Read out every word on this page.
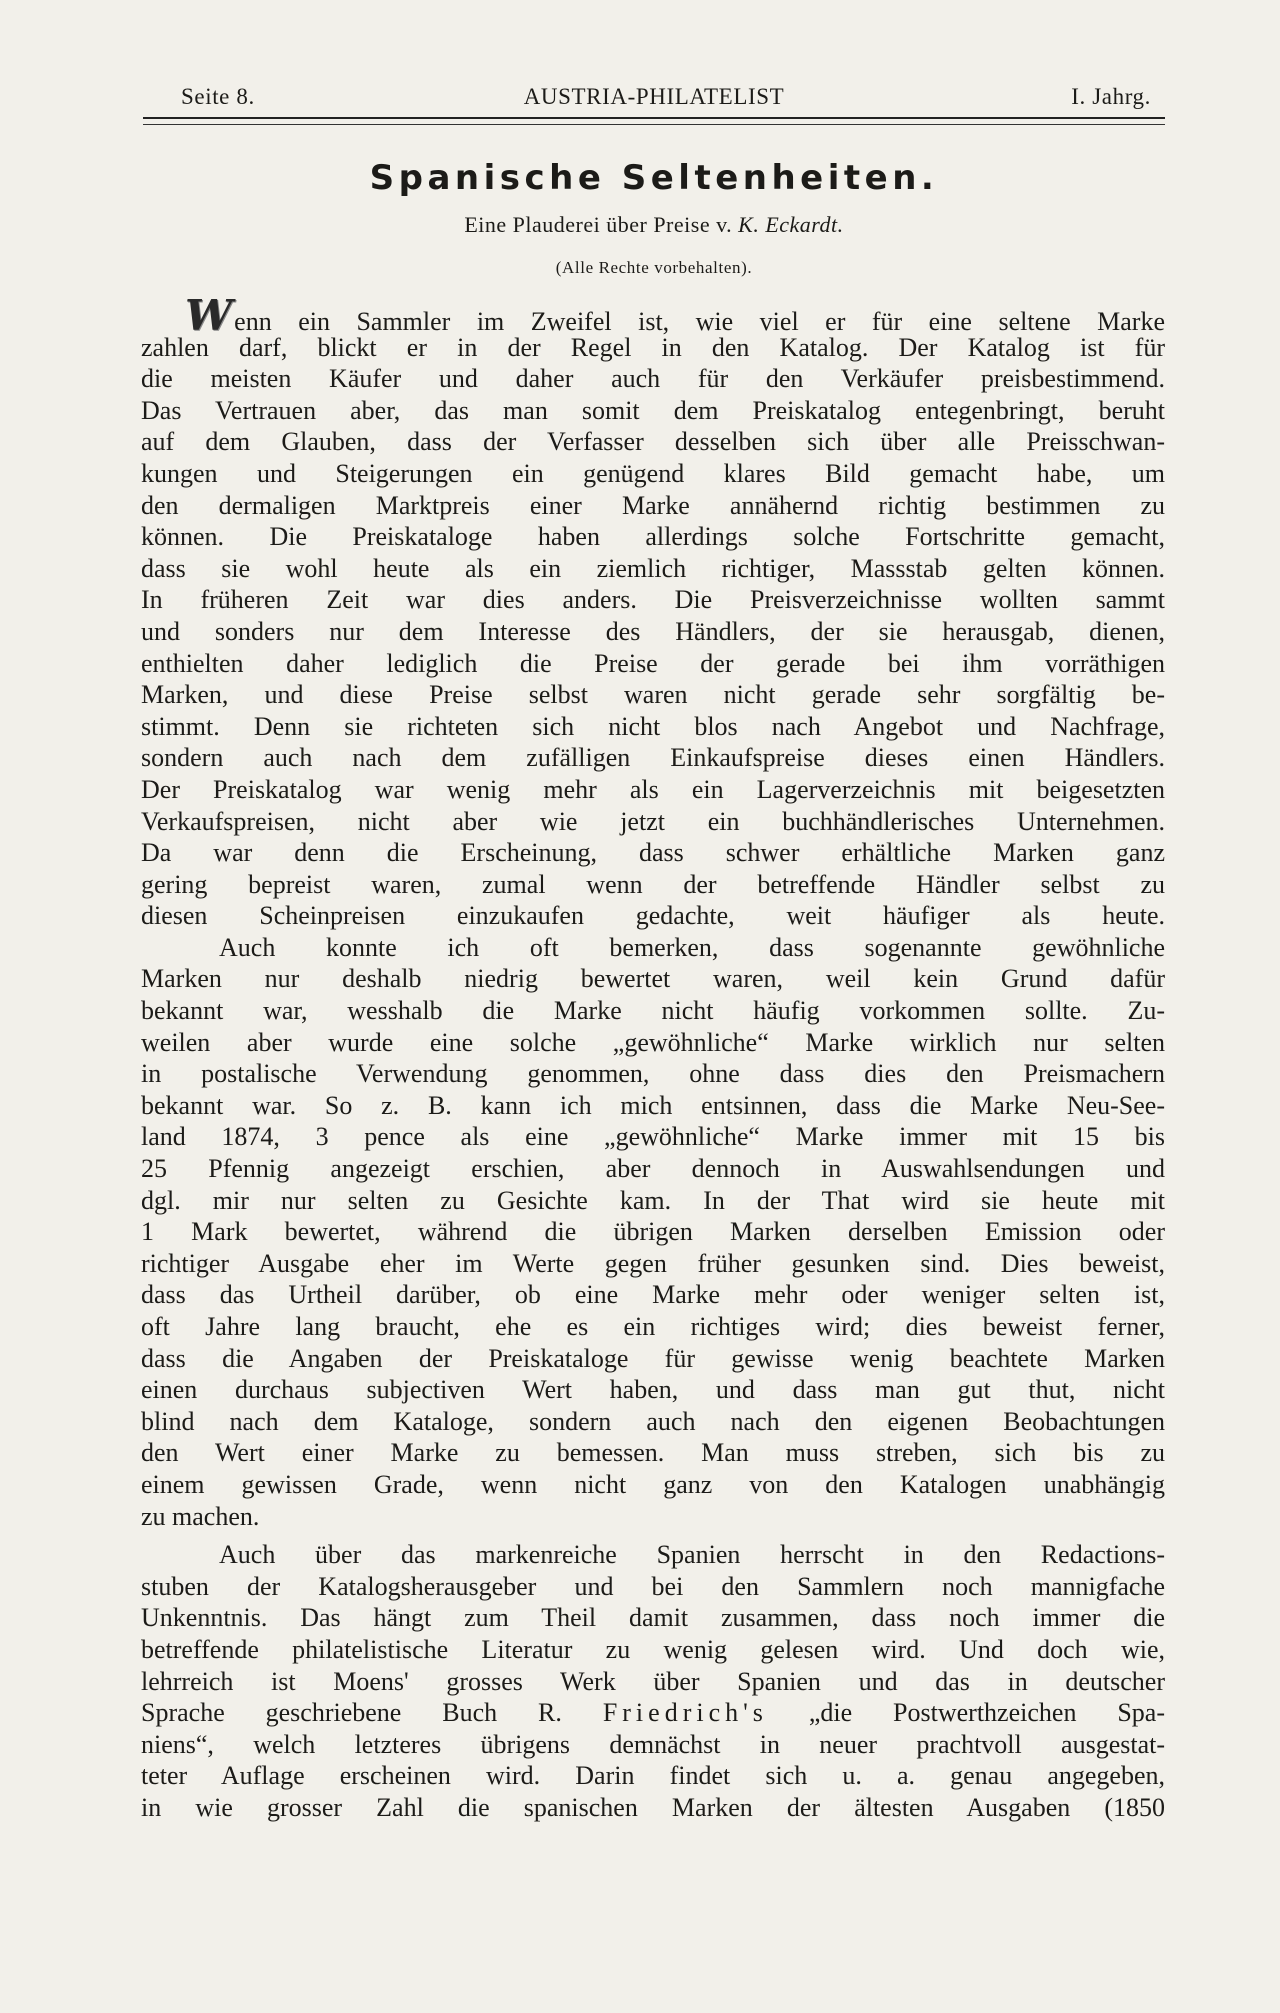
Seite 8.	AUSTRIA-PHILATELIST	I. Jahrg.
Spanische Seltenheiten.
Eine Plauderei über Preise v. K. Eckardt.
(Alle Rechte vorbehalten).
Wenn ein Sammler im Zweifel ist, wie viel er für eine seltene Marke
zahlen darf, blickt er in der Regel in den Katalog. Der Katalog ist für
die meisten Käufer und daher auch für den Verkäufer preisbestimmend.
Das Vertrauen aber, das man somit dem Preiskatalog entegenbringt, beruht
auf dem Glauben, dass der Verfasser desselben sich über alle Preisschwan-
kungen und Steigerungen ein genügend klares Bild gemacht habe, um
den dermaligen Marktpreis einer Marke annähernd richtig bestimmen zu
können. Die Preiskataloge haben allerdings solche Fortschritte gemacht,
dass sie wohl heute als ein ziemlich richtiger, Massstab gelten können.
In früheren Zeit war dies anders. Die Preisverzeichnisse wollten sammt
und sonders nur dem Interesse des Händlers, der sie herausgab, dienen,
enthielten daher lediglich die Preise der gerade bei ihm vorräthigen
Marken, und diese Preise selbst waren nicht gerade sehr sorgfältig be-
stimmt. Denn sie richteten sich nicht blos nach Angebot und Nachfrage,
sondern auch nach dem zufälligen Einkaufspreise dieses einen Händlers.
Der Preiskatalog war wenig mehr als ein Lagerverzeichnis mit beigesetzten
Verkaufspreisen, nicht aber wie jetzt ein buchhändlerisches Unternehmen.
Da war denn die Erscheinung, dass schwer erhältliche Marken ganz
gering bepreist waren, zumal wenn der betreffende Händler selbst zu
diesen Scheinpreisen einzukaufen gedachte, weit häufiger als heute.
Auch konnte ich oft bemerken, dass sogenannte gewöhnliche
Marken nur deshalb niedrig bewertet waren, weil kein Grund dafür
bekannt war, wesshalb die Marke nicht häufig vorkommen sollte. Zu-
weilen aber wurde eine solche „gewöhnliche“ Marke wirklich nur selten
in postalische Verwendung genommen, ohne dass dies den Preismachern
bekannt war. So z. B. kann ich mich entsinnen, dass die Marke Neu-See-
land 1874, 3 pence als eine „gewöhnliche“ Marke immer mit 15 bis
25 Pfennig angezeigt erschien, aber dennoch in Auswahlsendungen und
dgl. mir nur selten zu Gesichte kam. In der That wird sie heute mit
1 Mark bewertet, während die übrigen Marken derselben Emission oder
richtiger Ausgabe eher im Werte gegen früher gesunken sind. Dies beweist,
dass das Urtheil darüber, ob eine Marke mehr oder weniger selten ist,
oft Jahre lang braucht, ehe es ein richtiges wird; dies beweist ferner,
dass die Angaben der Preiskataloge für gewisse wenig beachtete Marken
einen durchaus subjectiven Wert haben, und dass man gut thut, nicht
blind nach dem Kataloge, sondern auch nach den eigenen Beobachtungen
den Wert einer Marke zu bemessen. Man muss streben, sich bis zu
einem gewissen Grade, wenn nicht ganz von den Katalogen unabhängig
zu machen.
Auch über das markenreiche Spanien herrscht in den Redactions-
stuben der Katalogsherausgeber und bei den Sammlern noch mannigfache
Unkenntnis. Das hängt zum Theil damit zusammen, dass noch immer die
betreffende philatelistische Literatur zu wenig gelesen wird. Und doch wie,
lehrreich ist Moens' grosses Werk über Spanien und das in deutscher
Sprache geschriebene Buch R. Friedrich's „die Postwerthzeichen Spa-
niens“, welch letzteres übrigens demnächst in neuer prachtvoll ausgestat-
teter Auflage erscheinen wird. Darin findet sich u. a. genau angegeben,
in wie grosser Zahl die spanischen Marken der ältesten Ausgaben (1850
